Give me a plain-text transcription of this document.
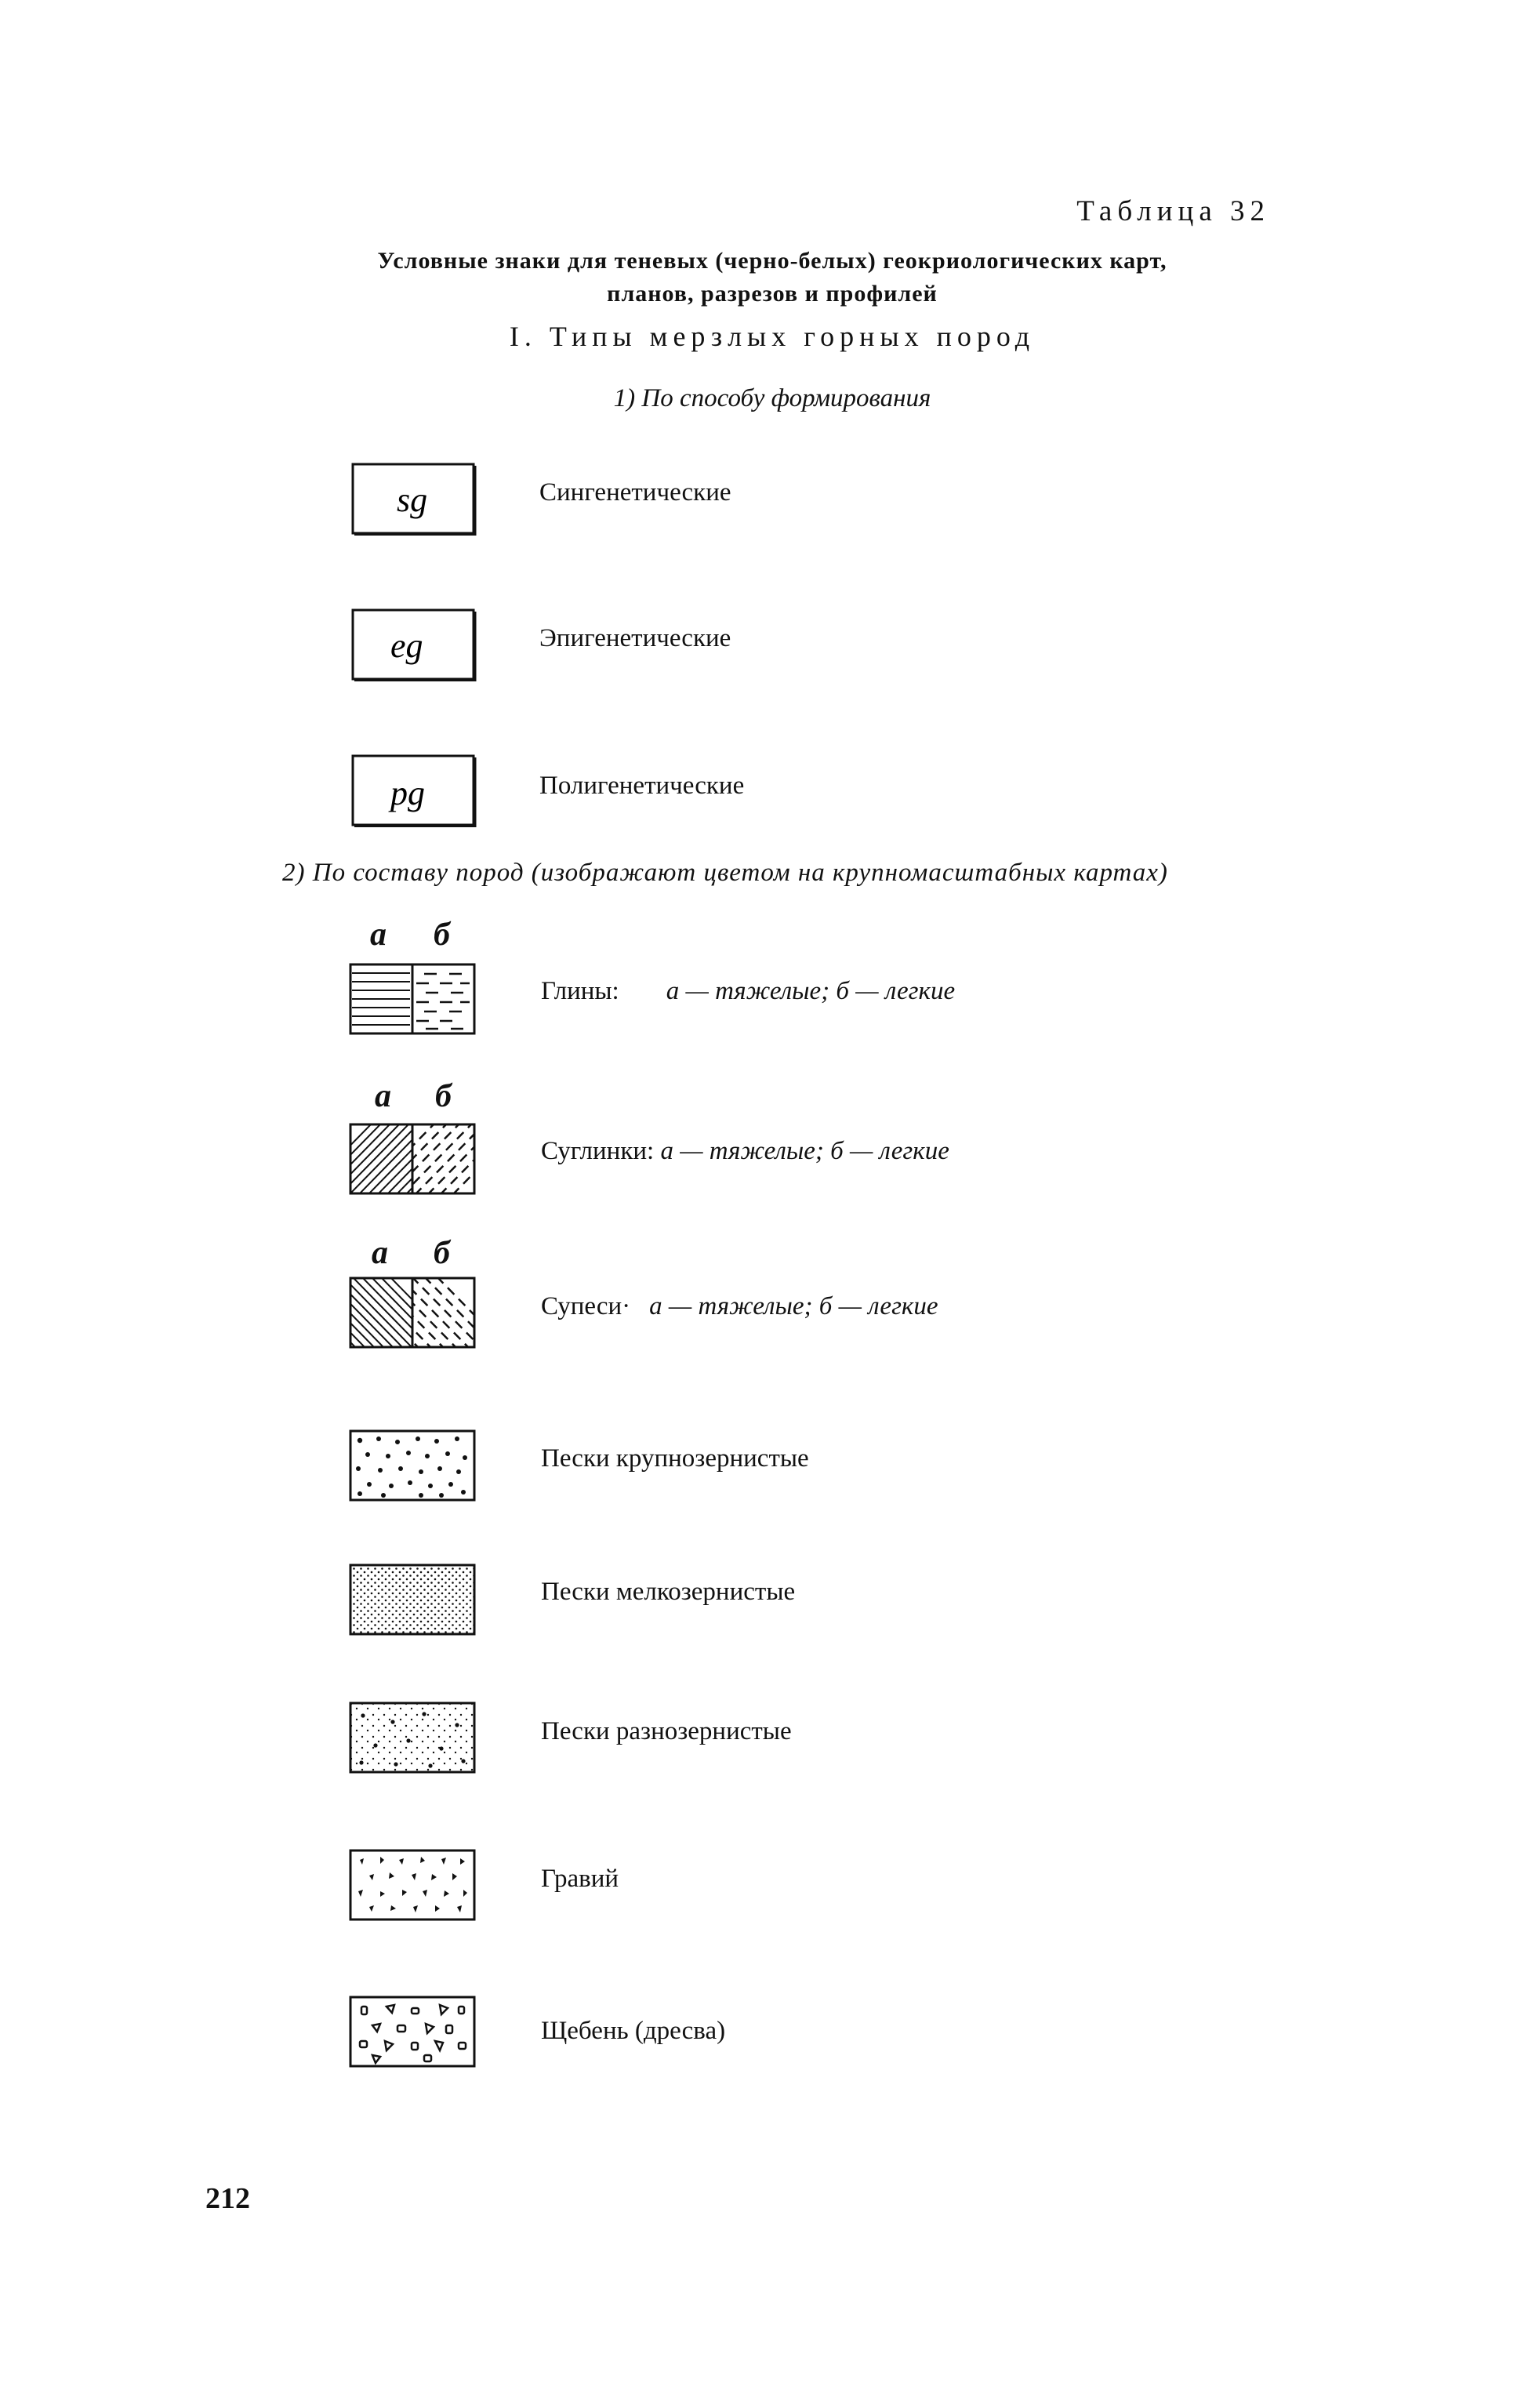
Таблица 32
Условные знаки для теневых (черно-белых) геокриологических карт,
планов, разрезов и профилей
I. Типы мерзлых горных пород
1) По способу формирования
sg	Сингенетические
eg	Эпигенетические
pg	Полигенетические
2) По составу пород (изображают цветом на крупномасштабных картах)
а б
Глины: а — тяжелые; б — легкие
а б
Суглинки: а — тяжелые; б — легкие
а б
Супеси· а — тяжелые; б — легкие
Пески крупнозернистые
Пески мелкозернистые
Пески разнозернистые
Гравий
Щебень (дресва)
212
